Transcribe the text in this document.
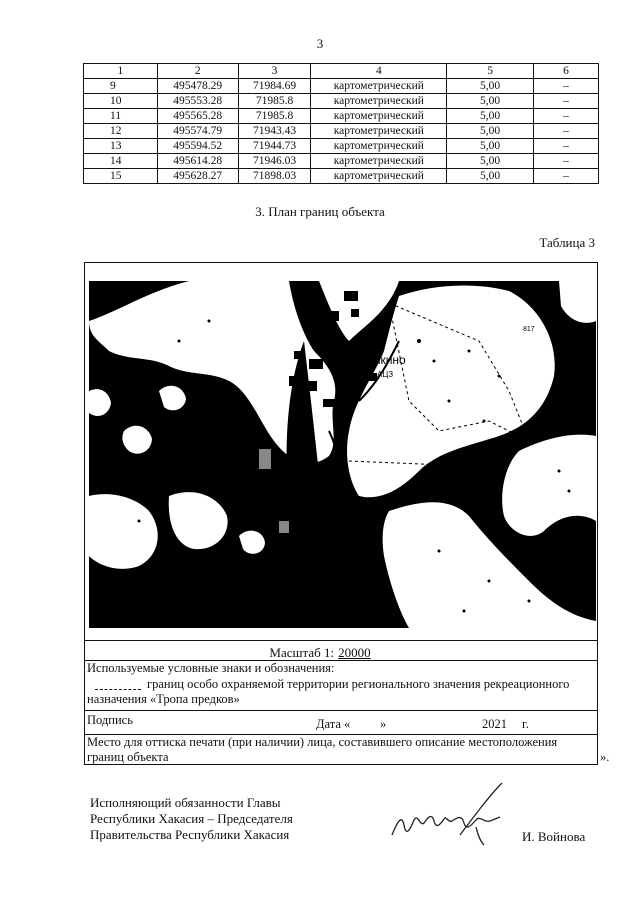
3
1	2	3	4	5	6
9	495478.29	71984.69	картометрический	5,00	–
10	495553.28	71985.8	картометрический	5,00	–
11	495565.28	71985.8	картометрический	5,00	–
12	495574.79	71943.43	картометрический	5,00	–
13	495594.52	71944.73	картометрический	5,00	–
14	495614.28	71946.03	картометрический	5,00	–
15	495628.27	71898.03	картометрический	5,00	–
3. План границ объекта
Таблица 3
Ефремкино
АЦЗ
817
564
Масштаб 1: 20000
Используемые условные знаки и обозначения:
границ особо охраняемой территории регионального значения рекреационного
назначения «Тропа предков»
Подпись	Дата « »	2021 г.
Место для оттиска печати (при наличии) лица, составившего описание местоположения
границ объекта	».
Исполняющий обязанности Главы
Республики Хакасия – Председателя
Правительства Республики Хакасия	И. Войнова
